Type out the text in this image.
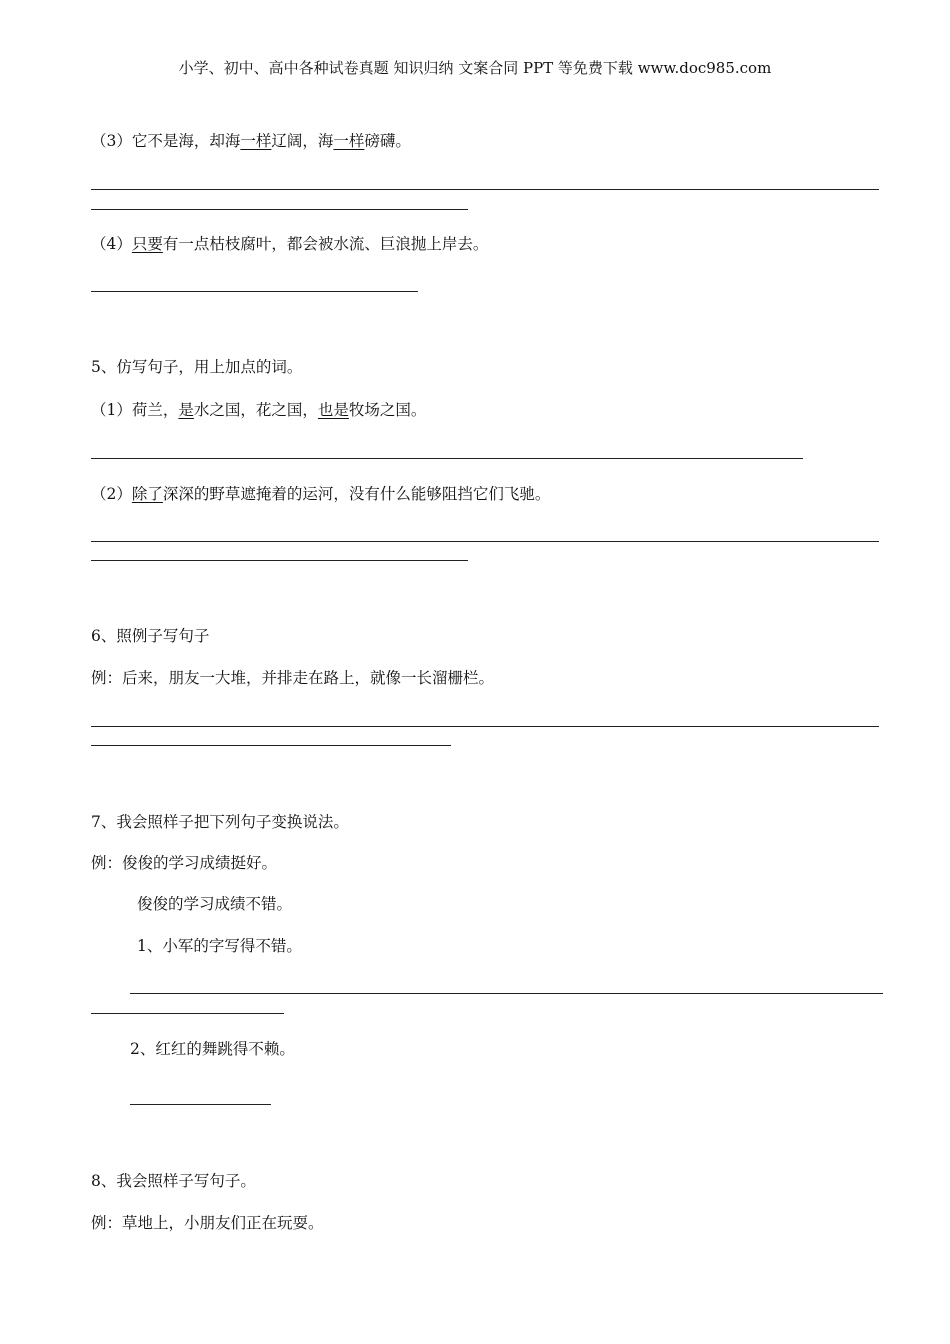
小学、初中、高中各种试卷真题 知识归纳 文案合同 PPT 等免费下载 www.doc985.com
（3）它不是海，却海一样辽阔，海一样磅礴。
（4）只要有一点枯枝腐叶，都会被水流、巨浪抛上岸去。
5、仿写句子，用上加点的词。
（1）荷兰，是水之国，花之国，也是牧场之国。
（2）除了深深的野草遮掩着的运河，没有什么能够阻挡它们飞驰。
6、照例子写句子
例：后来，朋友一大堆，并排走在路上，就像一长溜栅栏。
7、我会照样子把下列句子变换说法。
例：俊俊的学习成绩挺好。
俊俊的学习成绩不错。
1、小军的字写得不错。
2、红红的舞跳得不赖。
8、我会照样子写句子。
例：草地上，小朋友们正在玩耍。
